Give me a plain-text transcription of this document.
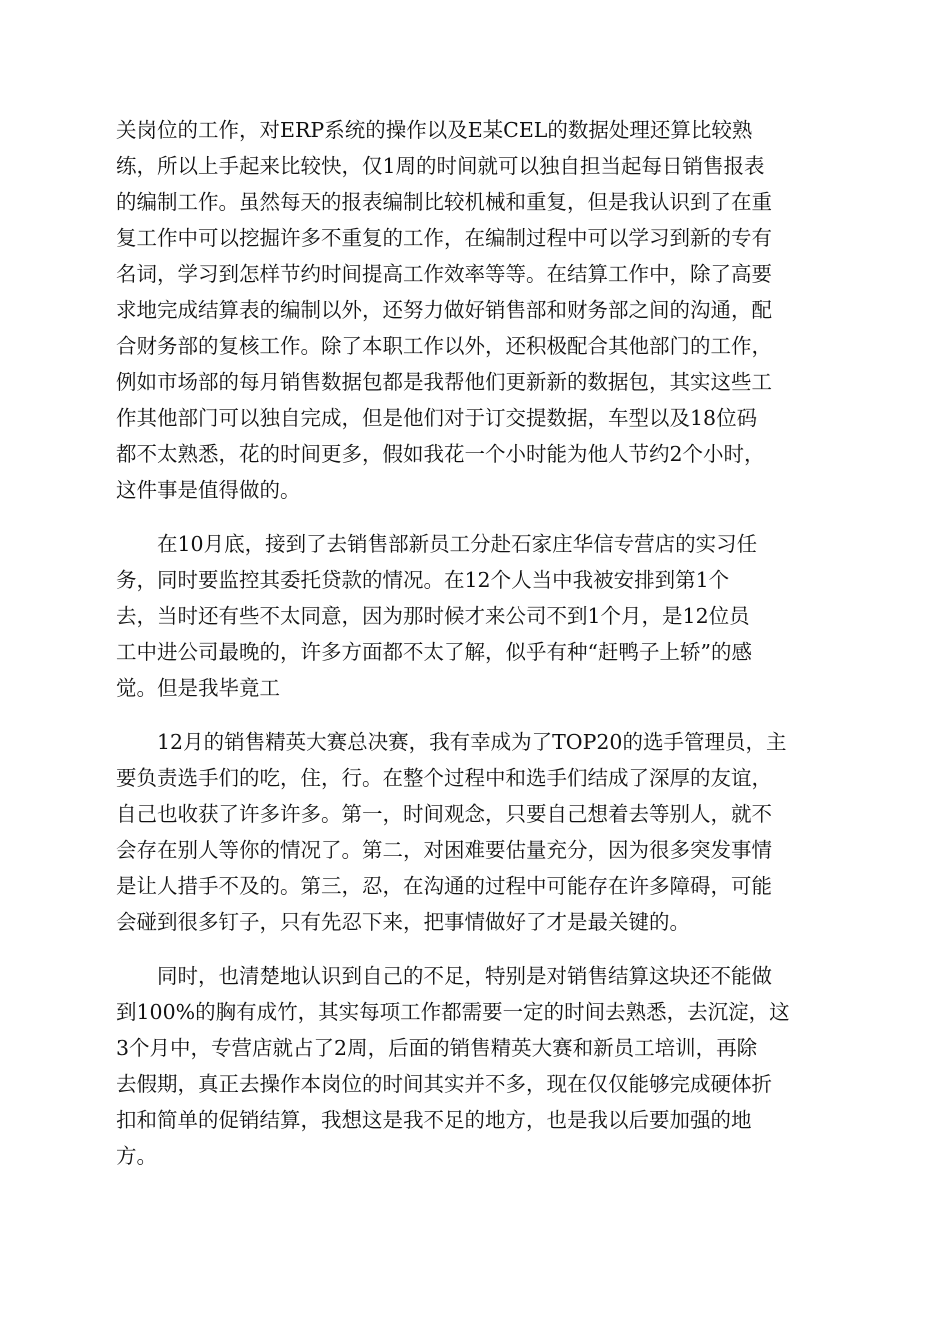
关岗位的工作，对ERP系统的操作以及E某CEL的数据处理还算比较熟
练，所以上手起来比较快，仅1周的时间就可以独自担当起每日销售报表
的编制工作。虽然每天的报表编制比较机械和重复，但是我认识到了在重
复工作中可以挖掘许多不重复的工作，在编制过程中可以学习到新的专有
名词，学习到怎样节约时间提高工作效率等等。在结算工作中，除了高要
求地完成结算表的编制以外，还努力做好销售部和财务部之间的沟通，配
合财务部的复核工作。除了本职工作以外，还积极配合其他部门的工作，
例如市场部的每月销售数据包都是我帮他们更新新的数据包，其实这些工
作其他部门可以独自完成，但是他们对于订交提数据，车型以及18位码
都不太熟悉，花的时间更多，假如我花一个小时能为他人节约2个小时，
这件事是值得做的。
　　在10月底，接到了去销售部新员工分赴石家庄华信专营店的实习任
务，同时要监控其委托贷款的情况。在12个人当中我被安排到第1个
去，当时还有些不太同意，因为那时候才来公司不到1个月，是12位员
工中进公司最晚的，许多方面都不太了解，似乎有种“赶鸭子上轿”的感
觉。但是我毕竟工
　　12月的销售精英大赛总决赛，我有幸成为了TOP20的选手管理员，主
要负责选手们的吃，住，行。在整个过程中和选手们结成了深厚的友谊，
自己也收获了许多许多。第一，时间观念，只要自己想着去等别人，就不
会存在别人等你的情况了。第二，对困难要估量充分，因为很多突发事情
是让人措手不及的。第三，忍，在沟通的过程中可能存在许多障碍，可能
会碰到很多钉子，只有先忍下来，把事情做好了才是最关键的。
　　同时，也清楚地认识到自己的不足，特别是对销售结算这块还不能做
到100%的胸有成竹，其实每项工作都需要一定的时间去熟悉，去沉淀，这
3个月中，专营店就占了2周，后面的销售精英大赛和新员工培训，再除
去假期，真正去操作本岗位的时间其实并不多，现在仅仅能够完成硬体折
扣和简单的促销结算，我想这是我不足的地方，也是我以后要加强的地
方。
